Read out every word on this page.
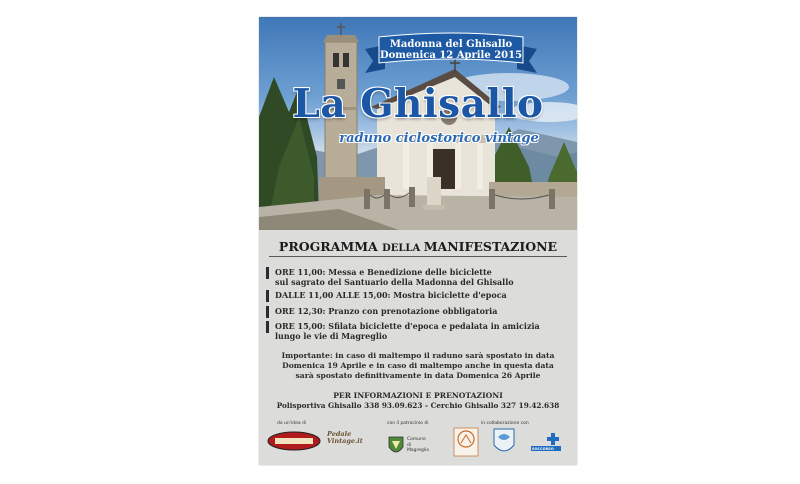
Madonna del Ghisallo
Domenica 12 Aprile 2015
La Ghisallo
raduno ciclostorico vintage
PROGRAMMA DELLA MANIFESTAZIONE
ORE 11,00: Messa e Benedizione delle biciclette
sul sagrato del Santuario della Madonna del Ghisallo
DALLE 11,00 ALLE 15,00: Mostra biciclette d'epoca
ORE 12,30: Pranzo con prenotazione obbligatoria
ORE 15,00: Sfilata biciclette d'epoca e pedalata in amicizia
lungo le vie di Magreglio
Importante: in caso di maltempo il raduno sarà spostato in data
Domenica 19 Aprile e in caso di maltempo anche in questa data
sarà spostato definitivamente in data Domenica 26 Aprile
PER INFORMAZIONI E PRENOTAZIONI
Polisportiva Ghisallo 338 93.09.623 - Cerchio Ghisallo 327 19.42.638
da un'idea di	con il patrocinio di	in collaborazione con
Pedale Vintage.it	Comune
di
Magreglio	SOCCORSO
